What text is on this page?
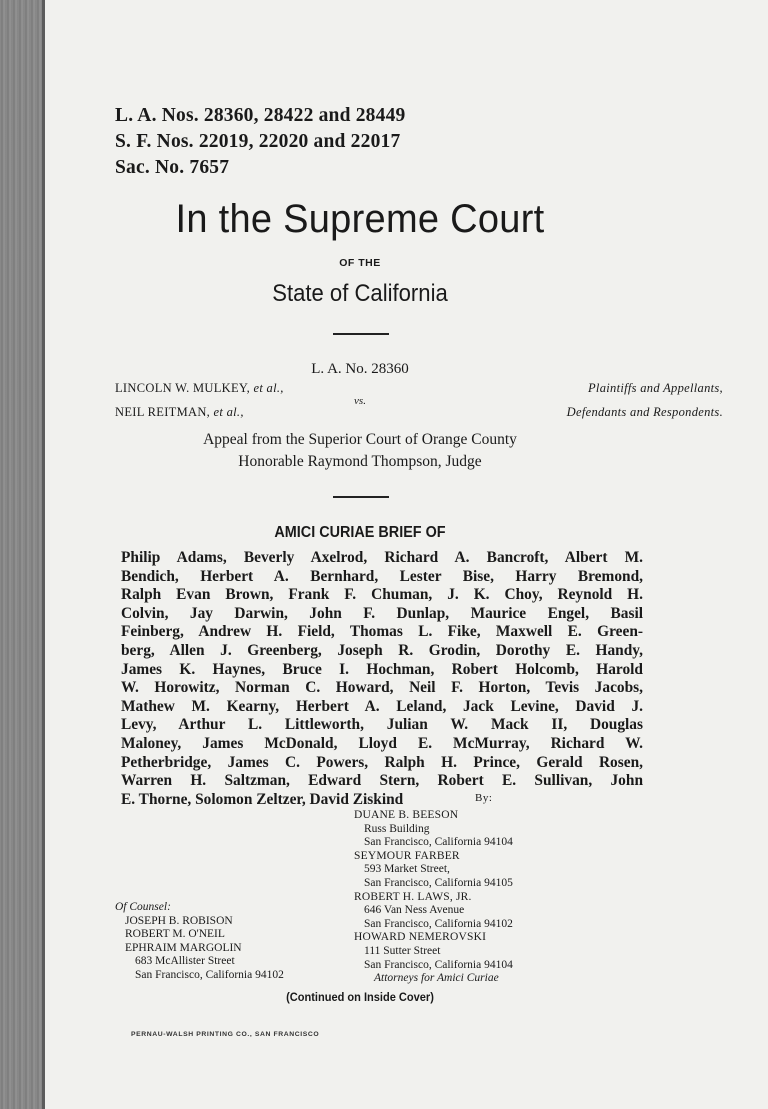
L. A. Nos. 28360, 28422 and 28449
S. F. Nos. 22019, 22020 and 22017
Sac. No. 7657
In the Supreme Court
OF THE
State of California
L. A. No. 28360
LINCOLN W. MULKEY, et al.,	Plaintiffs and Appellants,
vs.
NEIL REITMAN, et al.,	Defendants and Respondents.
Appeal from the Superior Court of Orange County
Honorable Raymond Thompson, Judge
AMICI CURIAE BRIEF OF
Philip Adams, Beverly Axelrod, Richard A. Bancroft, Albert M.
Bendich, Herbert A. Bernhard, Lester Bise, Harry Bremond,
Ralph Evan Brown, Frank F. Chuman, J. K. Choy, Reynold H.
Colvin, Jay Darwin, John F. Dunlap, Maurice Engel, Basil
Feinberg, Andrew H. Field, Thomas L. Fike, Maxwell E. Green-
berg, Allen J. Greenberg, Joseph R. Grodin, Dorothy E. Handy,
James K. Haynes, Bruce I. Hochman, Robert Holcomb, Harold
W. Horowitz, Norman C. Howard, Neil F. Horton, Tevis Jacobs,
Mathew M. Kearny, Herbert A. Leland, Jack Levine, David J.
Levy, Arthur L. Littleworth, Julian W. Mack II, Douglas
Maloney, James McDonald, Lloyd E. McMurray, Richard W.
Petherbridge, James C. Powers, Ralph H. Prince, Gerald Rosen,
Warren H. Saltzman, Edward Stern, Robert E. Sullivan, John
E. Thorne, Solomon Zeltzer, David Ziskind	By:
DUANE B. BEESON
Russ Building
San Francisco, California 94104
SEYMOUR FARBER
593 Market Street,
San Francisco, California 94105
ROBERT H. LAWS, JR.
646 Van Ness Avenue
San Francisco, California 94102
HOWARD NEMEROVSKI
111 Sutter Street
San Francisco, California 94104
Attorneys for Amici Curiae
Of Counsel:
JOSEPH B. ROBISON
ROBERT M. O'NEIL
EPHRAIM MARGOLIN
683 McAllister Street
San Francisco, California 94102
(Continued on Inside Cover)
PERNAU-WALSH PRINTING CO., SAN FRANCISCO
